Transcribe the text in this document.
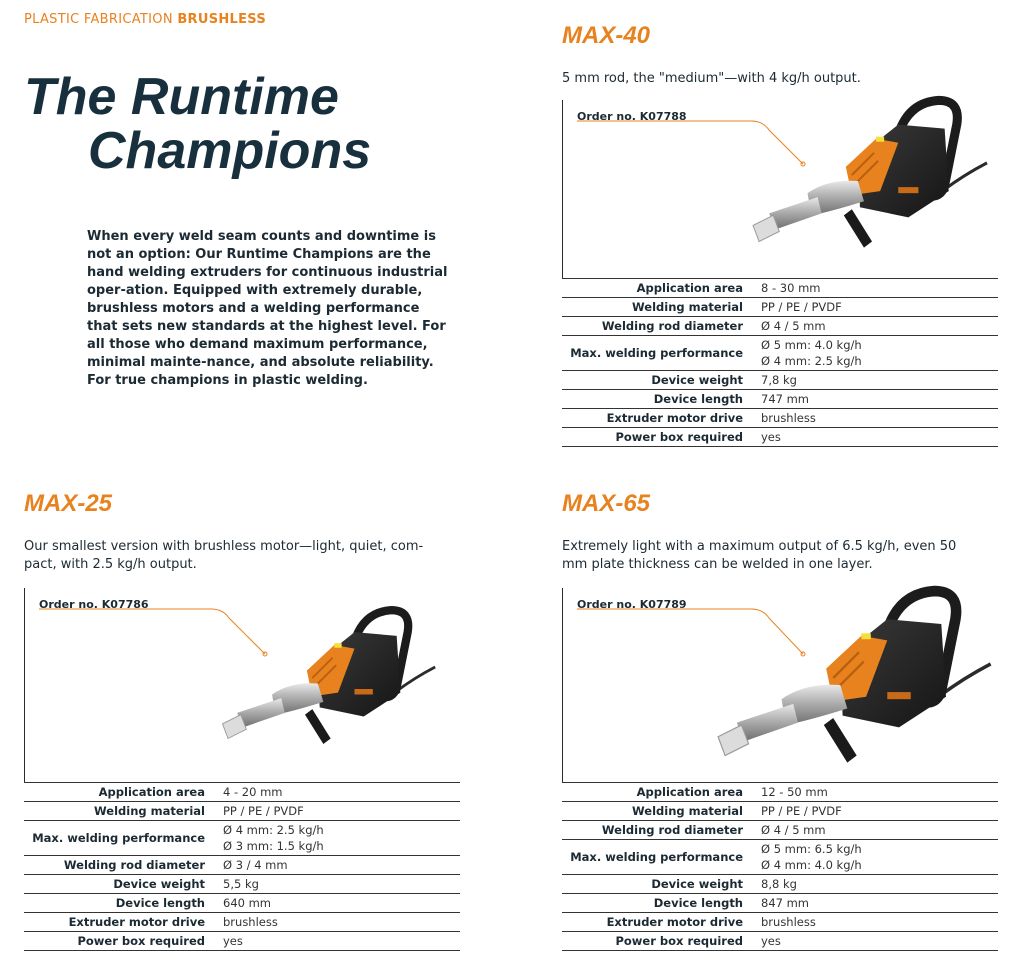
PLASTIC FABRICATION BRUSHLESS
The Runtime

Champions

When every weld seam counts and downtime is not an option: Our Runtime Champions are the hand welding extruders for continuous industrial oper-ation. Equipped with extremely durable, brushless motors and a welding performance that sets new standards at the highest level. For all those who demand maximum performance, minimal mainte-nance, and absolute reliability. For true champions in plastic welding.

MAX-40
5 mm rod, the "medium"—with 4 kg/h output.
Order no. K07788
Application area	8 - 30 mm

Welding material	PP / PE / PVDF

Welding rod diameter	Ø 4 / 5 mm

Max. welding performance	Ø 5 mm: 4.0 kg/h
Ø 4 mm: 2.5 kg/h

Device weight	7,8 kg

Device length	747 mm

Extruder motor drive	brushless

Power box required	yes
MAX-25
Our smallest version with brushless motor—light, quiet, com-pact, with 2.5 kg/h output.
Order no. K07786
Application area	4 - 20 mm

Welding material	PP / PE / PVDF

Max. welding performance	Ø 4 mm: 2.5 kg/h
Ø 3 mm: 1.5 kg/h

Welding rod diameter	Ø 3 / 4 mm

Device weight	5,5 kg

Device length	640 mm

Extruder motor drive	brushless

Power box required	yes
MAX-65
Extremely light with a maximum output of 6.5 kg/h, even 50 mm plate thickness can be welded in one layer.
Order no. K07789
Application area	12 - 50 mm

Welding material	PP / PE / PVDF

Welding rod diameter	Ø 4 / 5 mm

Max. welding performance	Ø 5 mm: 6.5 kg/h
Ø 4 mm: 4.0 kg/h

Device weight	8,8 kg

Device length	847 mm

Extruder motor drive	brushless

Power box required	yes
